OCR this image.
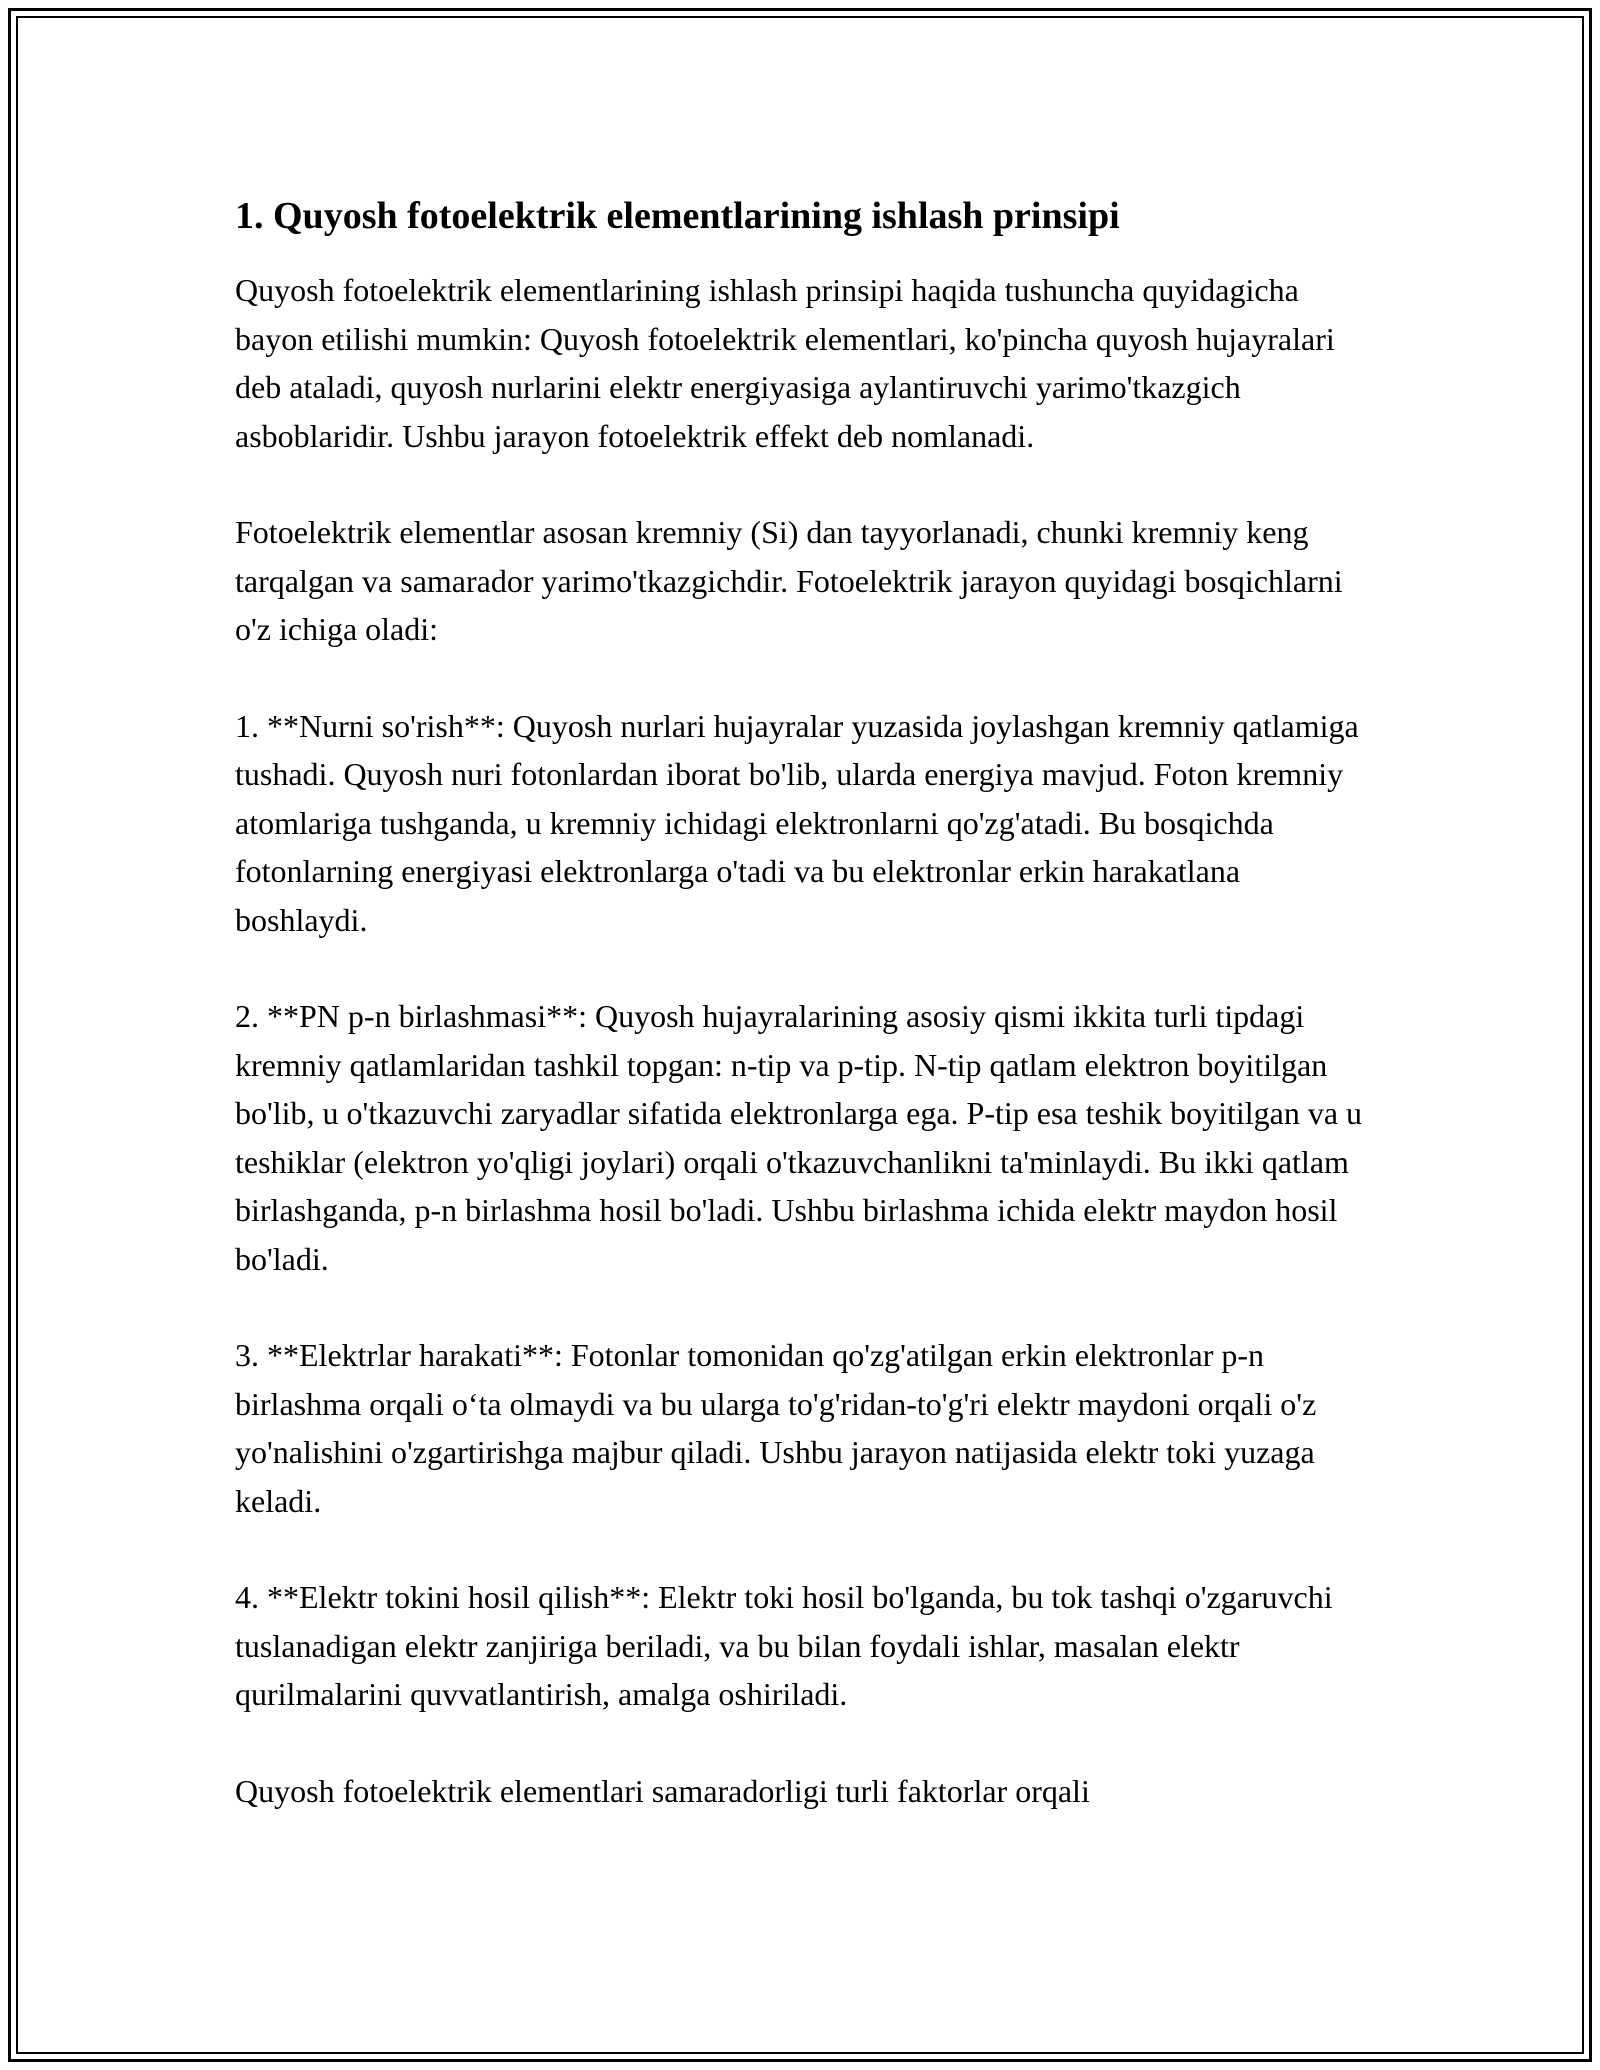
1. Quyosh fotoelektrik elementlarining ishlash prinsipi

Quyosh fotoelektrik elementlarining ishlash prinsipi haqida tushuncha quyidagicha bayon etilishi mumkin: Quyosh fotoelektrik elementlari, ko'pincha quyosh hujayralari deb ataladi, quyosh nurlarini elektr energiyasiga aylantiruvchi yarimo'tkazgich asboblaridir. Ushbu jarayon fotoelektrik effekt deb nomlanadi.

Fotoelektrik elementlar asosan kremniy (Si) dan tayyorlanadi, chunki kremniy keng tarqalgan va samarador yarimo'tkazgichdir. Fotoelektrik jarayon quyidagi bosqichlarni o'z ichiga oladi:

1. **Nurni so'rish**: Quyosh nurlari hujayralar yuzasida joylashgan kremniy qatlamiga tushadi. Quyosh nuri fotonlardan iborat bo'lib, ularda energiya mavjud. Foton kremniy atomlariga tushganda, u kremniy ichidagi elektronlarni qo'zg'atadi. Bu bosqichda fotonlarning energiyasi elektronlarga o'tadi va bu elektronlar erkin harakatlana boshlaydi.

2. **PN p-n birlashmasi**: Quyosh hujayralarining asosiy qismi ikkita turli tipdagi kremniy qatlamlaridan tashkil topgan: n-tip va p-tip. N-tip qatlam elektron boyitilgan bo'lib, u o'tkazuvchi zaryadlar sifatida elektronlarga ega. P-tip esa teshik boyitilgan va u teshiklar (elektron yo'qligi joylari) orqali o'tkazuvchanlikni ta'minlaydi. Bu ikki qatlam birlashganda, p-n birlashma hosil bo'ladi. Ushbu birlashma ichida elektr maydon hosil bo'ladi.

3. **Elektrlar harakati**: Fotonlar tomonidan qo'zg'atilgan erkin elektronlar p-n birlashma orqali o‘ta olmaydi va bu ularga to'g'ridan-to'g'ri elektr maydoni orqali o'z yo'nalishini o'zgartirishga majbur qiladi. Ushbu jarayon natijasida elektr toki yuzaga keladi.

4. **Elektr tokini hosil qilish**: Elektr toki hosil bo'lganda, bu tok tashqi o'zgaruvchi tuslanadigan elektr zanjiriga beriladi, va bu bilan foydali ishlar, masalan elektr qurilmalarini quvvatlantirish, amalga oshiriladi.

Quyosh fotoelektrik elementlari samaradorligi turli faktorlar orqali
